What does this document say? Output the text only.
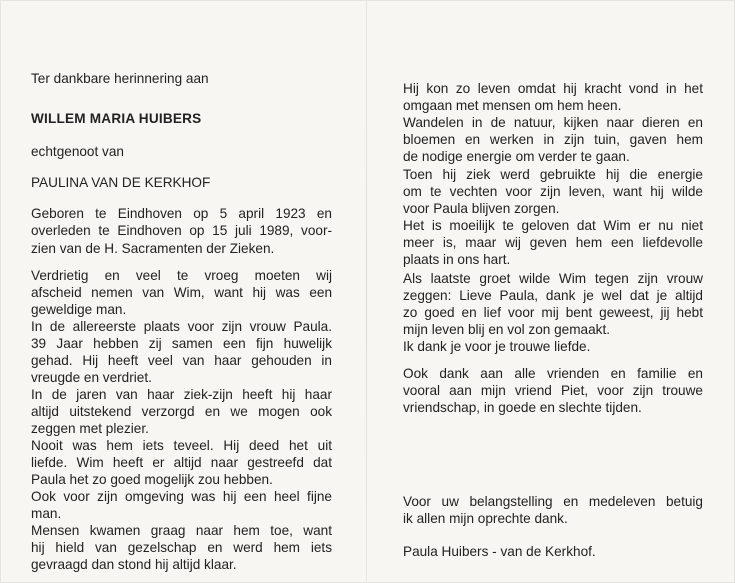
Ter dankbare herinnering aan
WILLEM MARIA HUIBERS
echtgenoot van
PAULINA VAN DE KERKHOF
Geboren te Eindhoven op 5 april 1923 en
overleden te Eindhoven op 15 juli 1989, voor-
zien van de H. Sacramenten der Zieken.
Verdrietig en veel te vroeg moeten wij
afscheid nemen van Wim, want hij was een
geweldige man.
In de allereerste plaats voor zijn vrouw Paula.
39 Jaar hebben zij samen een fijn huwelijk
gehad. Hij heeft veel van haar gehouden in
vreugde en verdriet.
In de jaren van haar ziek-zijn heeft hij haar
altijd uitstekend verzorgd en we mogen ook
zeggen met plezier.
Nooit was hem iets teveel. Hij deed het uit
liefde. Wim heeft er altijd naar gestreefd dat
Paula het zo goed mogelijk zou hebben.
Ook voor zijn omgeving was hij een heel fijne
man.
Mensen kwamen graag naar hem toe, want
hij hield van gezelschap en werd hem iets
gevraagd dan stond hij altijd klaar.
Hij kon zo leven omdat hij kracht vond in het
omgaan met mensen om hem heen.
Wandelen in de natuur, kijken naar dieren en
bloemen en werken in zijn tuin, gaven hem
de nodige energie om verder te gaan.
Toen hij ziek werd gebruikte hij die energie
om te vechten voor zijn leven, want hij wilde
voor Paula blijven zorgen.
Het is moeilijk te geloven dat Wim er nu niet
meer is, maar wij geven hem een liefdevolle
plaats in ons hart.
Als laatste groet wilde Wim tegen zijn vrouw
zeggen: Lieve Paula, dank je wel dat je altijd
zo goed en lief voor mij bent geweest, jij hebt
mijn leven blij en vol zon gemaakt.
Ik dank je voor je trouwe liefde.
Ook dank aan alle vrienden en familie en
vooral aan mijn vriend Piet, voor zijn trouwe
vriendschap, in goede en slechte tijden.
Voor uw belangstelling en medeleven betuig
ik allen mijn oprechte dank.
Paula Huibers - van de Kerkhof.
